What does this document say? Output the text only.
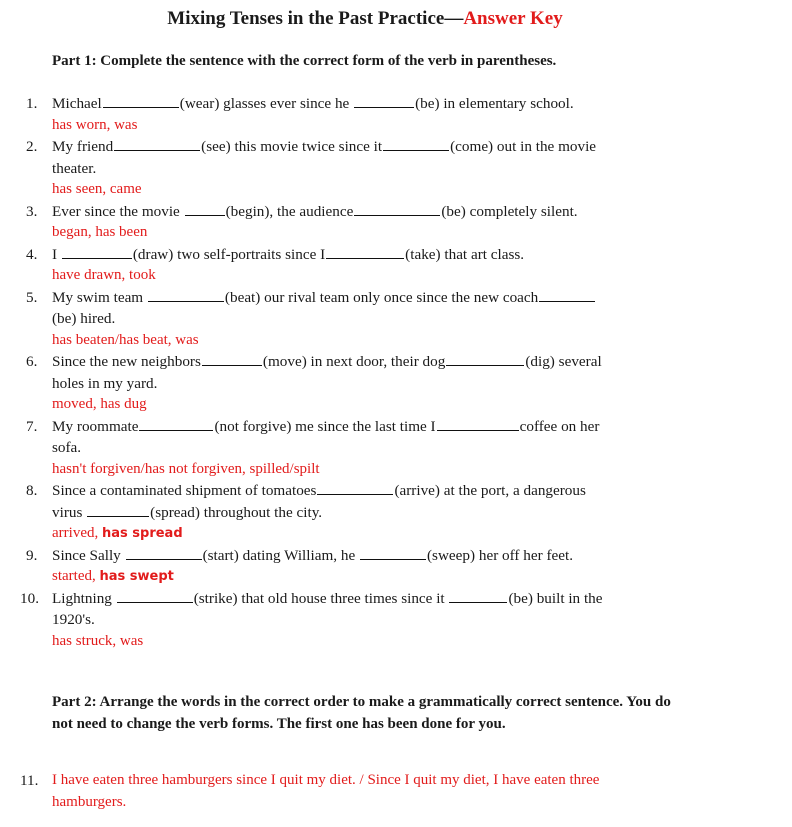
Mixing Tenses in the Past Practice—Answer Key
Part 1: Complete the sentence with the correct form of the verb in parentheses.
1. Michael	(wear) glasses ever since he	(be) in elementary school.

has worn, was
2. My friend	(see) this movie twice since it	(come) out in the movie
theater.

has seen, came
3. Ever since the movie	(begin), the audience	(be) completely silent.

began, has been
4. I	(draw) two self-portraits since I	(take) that art class.

have drawn, took
5. My swim team	(beat) our rival team only once since the new coach
(be) hired.

has beaten/has beat, was
6. Since the new neighbors	(move) in next door, their dog	(dig) several
holes in my yard.

moved, has dug
7. My roommate	(not forgive) me since the last time I	coffee on her
sofa.

hasn't forgiven/has not forgiven, spilled/spilt
8. Since a contaminated shipment of tomatoes	(arrive) at the port, a dangerous
virus	(spread) throughout the city.

arrived, has spread
9. Since Sally	(start) dating William, he	(sweep) her off her feet.

started, has swept
10. Lightning	(strike) that old house three times since it	(be) built in the
1920's.

has struck, was
Part 2: Arrange the words in the correct order to make a grammatically correct sentence. You do not need to change the verb forms. The first one has been done for you.
11. I have eaten three hamburgers since I quit my diet. / Since I quit my diet, I have eaten three
hamburgers.
